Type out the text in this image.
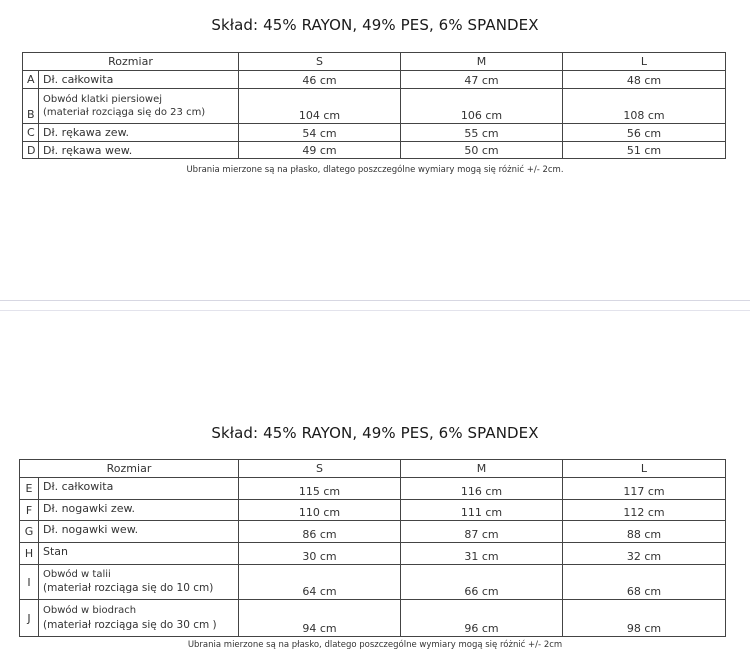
Skład: 45% RAYON, 49% PES, 6% SPANDEX
Rozmiar		S	M	L
A	Dł. całkowita	46 cm	47 cm	48 cm
B	Obwód klatki piersiowej
(materiał rozciąga się do 23 cm)	104 cm	106 cm	108 cm
C	Dł. rękawa zew.	54 cm	55 cm	56 cm
D	Dł. rękawa wew.	49 cm	50 cm	51 cm
Ubrania mierzone są na płasko, dlatego poszczególne wymiary mogą się różnić +/- 2cm.
Skład: 45% RAYON, 49% PES, 6% SPANDEX
Rozmiar		S	M	L
E	Dł. całkowita	115 cm	116 cm	117 cm
F	Dł. nogawki zew.	110 cm	111 cm	112 cm
G	Dł. nogawki wew.	86 cm	87 cm	88 cm
H	Stan	30 cm	31 cm	32 cm
I	Obwód w talii
(materiał rozciąga się do 10 cm)	64 cm	66 cm	68 cm
J	Obwód w biodrach
(materiał rozciąga się do 30 cm )	94 cm	96 cm	98 cm
Ubrania mierzone są na płasko, dlatego poszczególne wymiary mogą się różnić +/- 2cm
